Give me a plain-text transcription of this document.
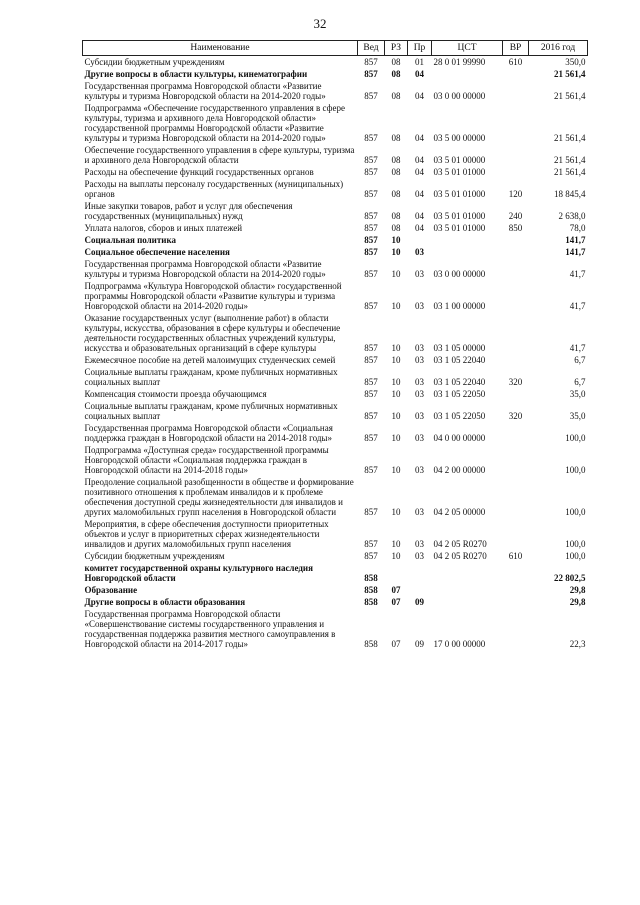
32
Наименование	Вед	РЗ	Пр	ЦСТ	ВР	2016 год
Субсидии бюджетным учреждениям	857	08	01	28 0 01 99990	610	350,0
Другие вопросы в области культуры, кинематографии	857	08	04			21 561,4
Государственная программа Новгородской области «Развитие культуры и туризма Новгородской области на 2014-2020 годы»	857	08	04	03 0 00 00000		21 561,4
Подпрограмма «Обеспечение государственного управления в сфере культуры, туризма и архивного дела Новгородской области» государственной программы Новгородской области «Развитие культуры и туризма Новгородской области на 2014-2020 годы»	857	08	04	03 5 00 00000		21 561,4
Обеспечение государственного управления в сфере культуры, туризма и архивного дела Новгородской области	857	08	04	03 5 01 00000		21 561,4
Расходы на обеспечение функций государственных органов	857	08	04	03 5 01 01000		21 561,4
Расходы на выплаты персоналу государственных (муниципальных) органов	857	08	04	03 5 01 01000	120	18 845,4
Иные закупки товаров, работ и услуг для обеспечения государственных (муниципальных) нужд	857	08	04	03 5 01 01000	240	2 638,0
Уплата налогов, сборов и иных платежей	857	08	04	03 5 01 01000	850	78,0
Социальная политика	857	10				141,7
Социальное обеспечение населения	857	10	03			141,7
Государственная программа Новгородской области «Развитие культуры и туризма Новгородской области на 2014-2020 годы»	857	10	03	03 0 00 00000		41,7
Подпрограмма «Культура Новгородской области» государственной программы Новгородской области «Развитие культуры и туризма Новгородской области на 2014-2020 годы»	857	10	03	03 1 00 00000		41,7
Оказание государственных услуг (выполнение работ) в области культуры, искусства, образования в сфере культуры и обеспечение деятельности государственных областных учреждений культуры, искусства и образовательных организаций в сфере культуры	857	10	03	03 1 05 00000		41,7
Ежемесячное пособие на детей малоимущих студенческих семей	857	10	03	03 1 05 22040		6,7
Социальные выплаты гражданам, кроме публичных нормативных социальных выплат	857	10	03	03 1 05 22040	320	6,7
Компенсация стоимости проезда обучающимся	857	10	03	03 1 05 22050		35,0
Социальные выплаты гражданам, кроме публичных нормативных социальных выплат	857	10	03	03 1 05 22050	320	35,0
Государственная программа Новгородской области «Социальная поддержка граждан в Новгородской области на 2014-2018 годы»	857	10	03	04 0 00 00000		100,0
Подпрограмма «Доступная среда» государственной программы Новгородской области «Социальная поддержка граждан в Новгородской области на 2014-2018 годы»	857	10	03	04 2 00 00000		100,0
Преодоление социальной разобщенности в обществе и формирование позитивного отношения к проблемам инвалидов и к проблеме обеспечения доступной среды жизнедеятельности для инвалидов и других маломобильных групп населения в Новгородской области	857	10	03	04 2 05 00000		100,0
Мероприятия, в сфере обеспечения доступности приоритетных объектов и услуг в приоритетных сферах жизнедеятельности инвалидов и других маломобильных групп населения	857	10	03	04 2 05 R0270		100,0
Субсидии бюджетным учреждениям	857	10	03	04 2 05 R0270	610	100,0
комитет государственной охраны культурного наследия Новгородской области	858					22 802,5
Образование	858	07				29,8
Другие вопросы в области образования	858	07	09			29,8
Государственная программа Новгородской области «Совершенствование системы государственного управления и государственная поддержка развития местного самоуправления в Новгородской области на 2014-2017 годы»	858	07	09	17 0 00 00000		22,3
